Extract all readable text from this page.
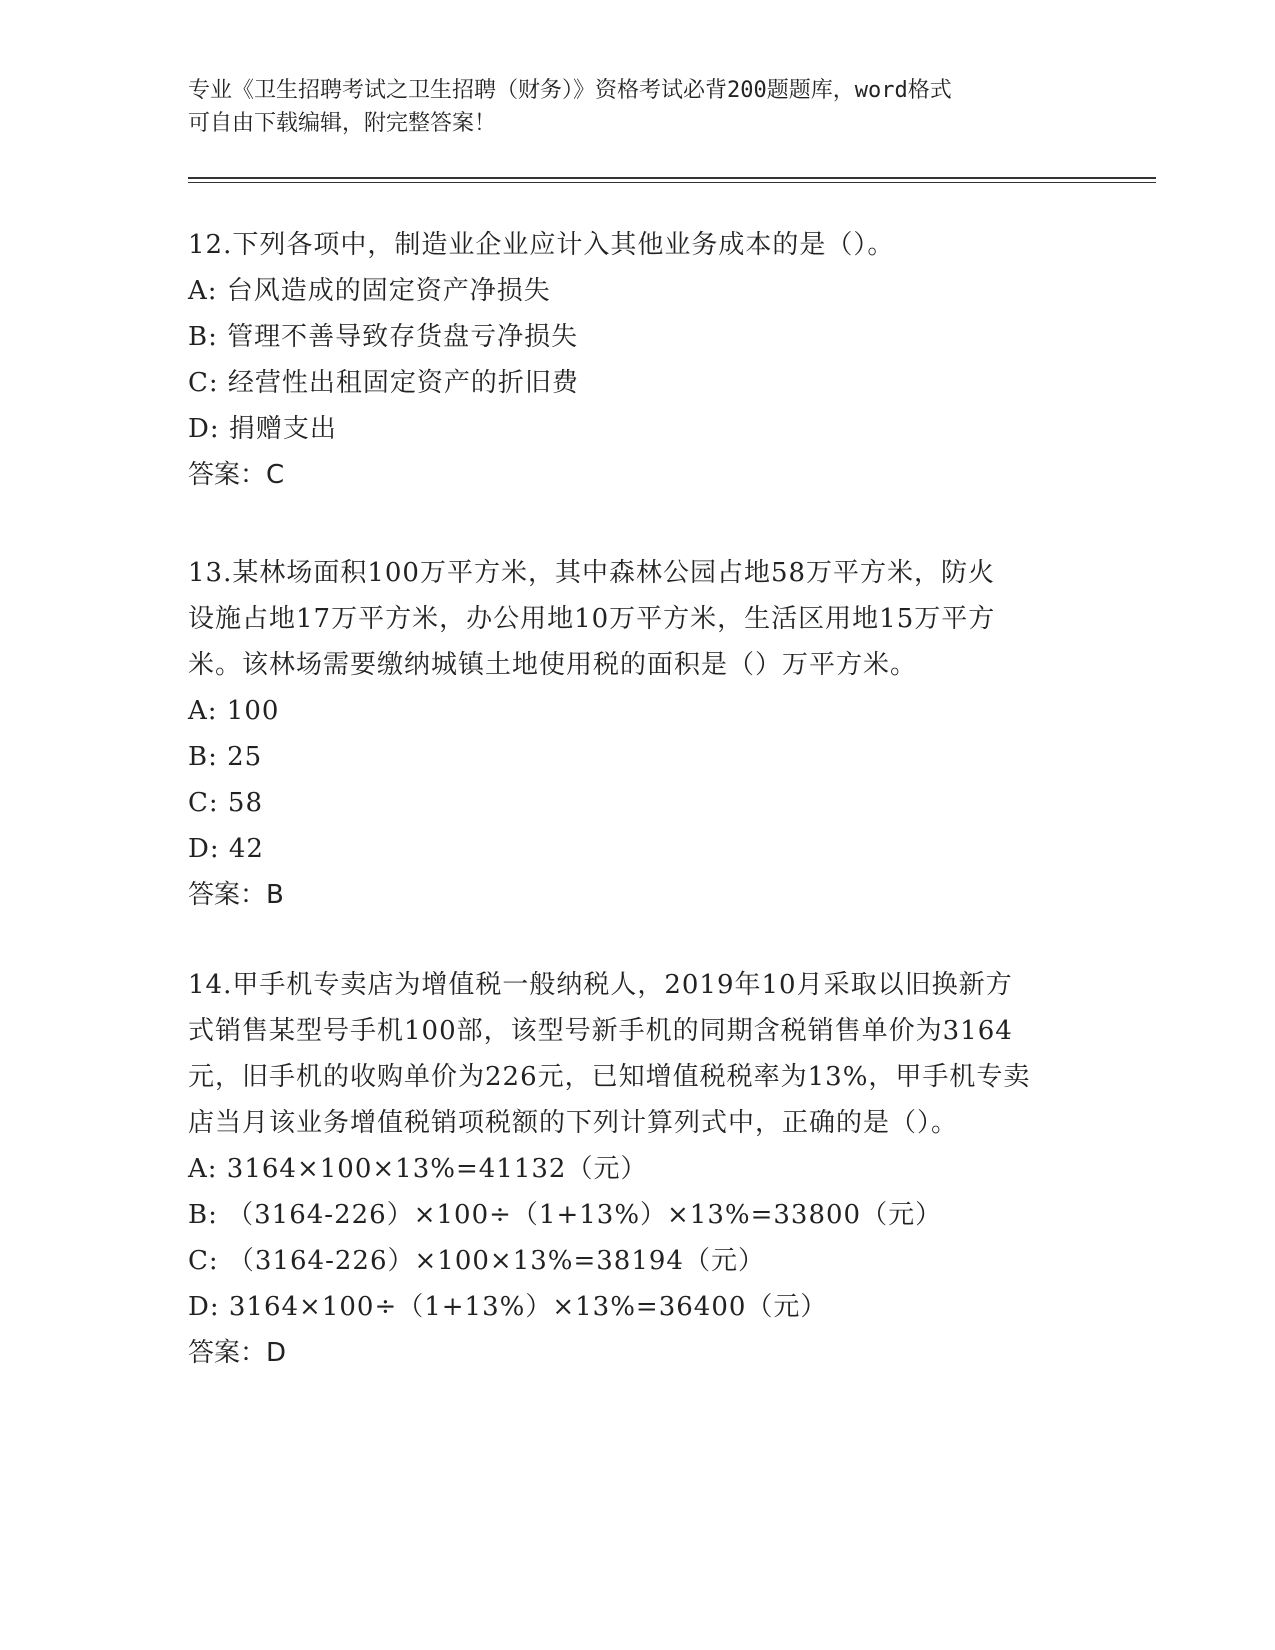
专业《卫生招聘考试之卫生招聘（财务）》资格考试必背200题题库，word格式
可自由下载编辑，附完整答案！
12.下列各项中，制造业企业应计入其他业务成本的是（）。
A: 台风造成的固定资产净损失
B: 管理不善导致存货盘亏净损失
C: 经营性出租固定资产的折旧费
D: 捐赠支出
答案：C
13.某林场面积100万平方米，其中森林公园占地58万平方米，防火
设施占地17万平方米，办公用地10万平方米，生活区用地15万平方
米。该林场需要缴纳城镇土地使用税的面积是（）万平方米。
A: 100
B: 25
C: 58
D: 42
答案：B
14.甲手机专卖店为增值税一般纳税人，2019年10月采取以旧换新方
式销售某型号手机100部，该型号新手机的同期含税销售单价为3164
元，旧手机的收购单价为226元，已知增值税税率为13%，甲手机专卖
店当月该业务增值税销项税额的下列计算列式中，正确的是（）。
A: 3164×100×13%=41132（元）
B: （3164-226）×100÷（1+13%）×13%=33800（元）
C: （3164-226）×100×13%=38194（元）
D: 3164×100÷（1+13%）×13%=36400（元）
答案：D
